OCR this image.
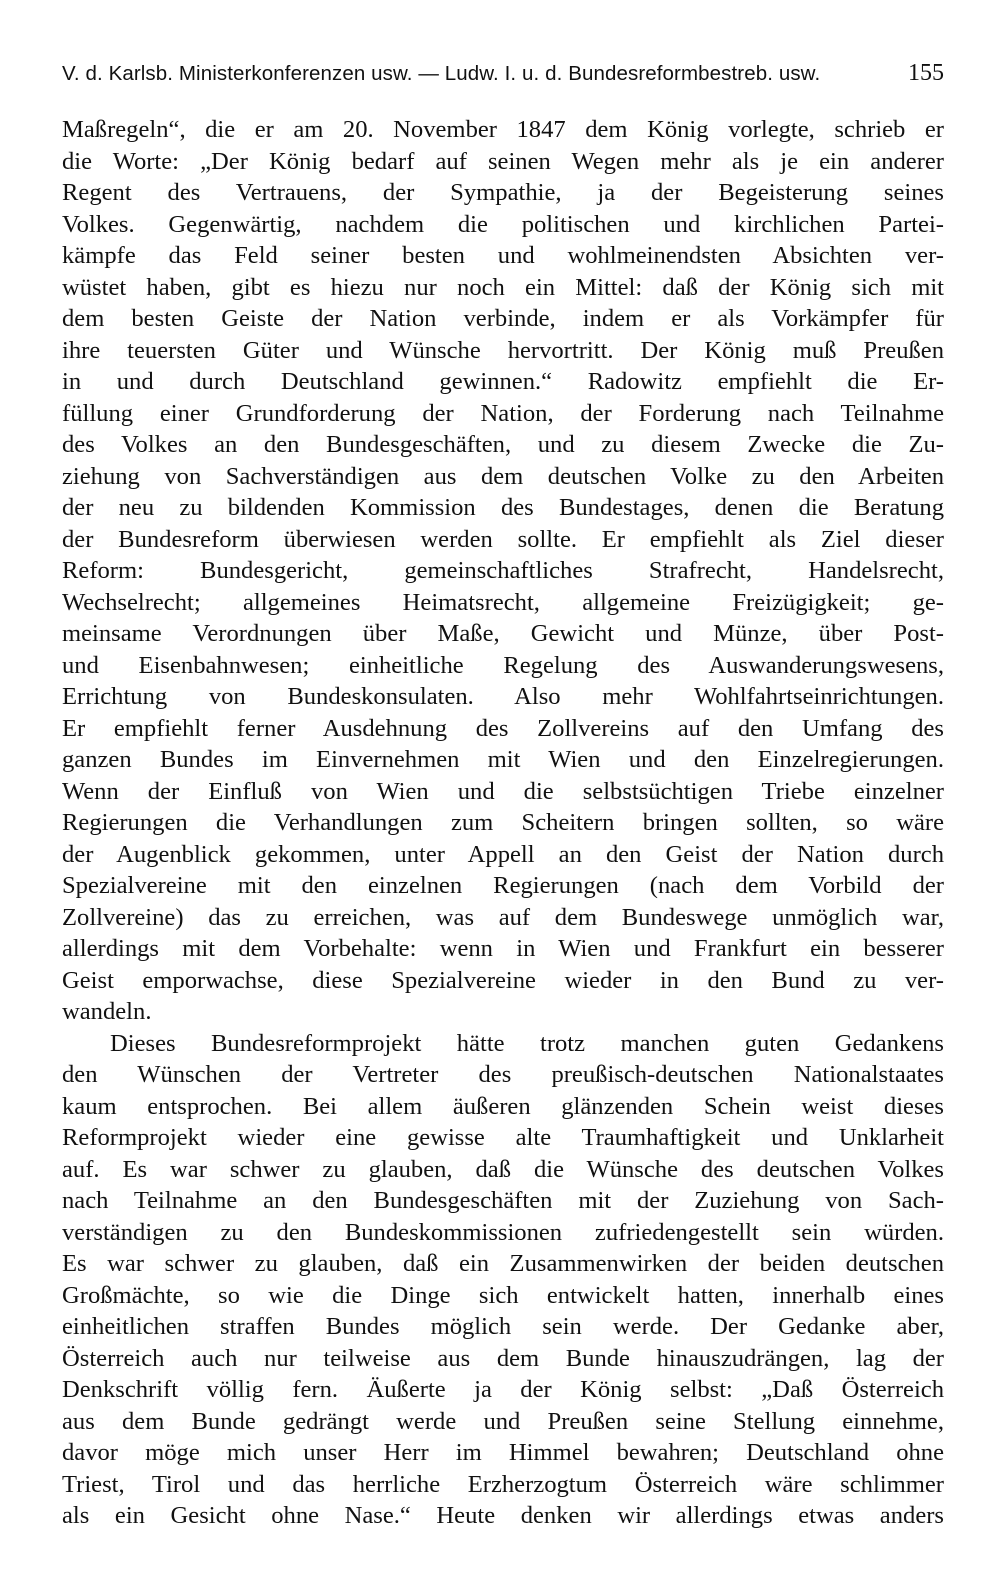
V. d. Karlsb. Ministerkonferenzen usw. — Ludw. I. u. d. Bundesreformbestreb. usw.	155
Maßregeln“, die er am 20. November 1847 dem König vorlegte, schrieb er
die Worte: „Der König bedarf auf seinen Wegen mehr als je ein anderer
Regent des Vertrauens, der Sympathie, ja der Begeisterung seines
Volkes. Gegenwärtig, nachdem die politischen und kirchlichen Partei-
kämpfe das Feld seiner besten und wohlmeinendsten Absichten ver-
wüstet haben, gibt es hiezu nur noch ein Mittel: daß der König sich mit
dem besten Geiste der Nation verbinde, indem er als Vorkämpfer für
ihre teuersten Güter und Wünsche hervortritt. Der König muß Preußen
in und durch Deutschland gewinnen.“ Radowitz empfiehlt die Er-
füllung einer Grundforderung der Nation, der Forderung nach Teilnahme
des Volkes an den Bundesgeschäften, und zu diesem Zwecke die Zu-
ziehung von Sachverständigen aus dem deutschen Volke zu den Arbeiten
der neu zu bildenden Kommission des Bundestages, denen die Beratung
der Bundesreform überwiesen werden sollte. Er empfiehlt als Ziel dieser
Reform: Bundesgericht, gemeinschaftliches Strafrecht, Handelsrecht,
Wechselrecht; allgemeines Heimatsrecht, allgemeine Freizügigkeit; ge-
meinsame Verordnungen über Maße, Gewicht und Münze, über Post-
und Eisenbahnwesen; einheitliche Regelung des Auswanderungswesens,
Errichtung von Bundeskonsulaten. Also mehr Wohlfahrtseinrichtungen.
Er empfiehlt ferner Ausdehnung des Zollvereins auf den Umfang des
ganzen Bundes im Einvernehmen mit Wien und den Einzelregierungen.
Wenn der Einfluß von Wien und die selbstsüchtigen Triebe einzelner
Regierungen die Verhandlungen zum Scheitern bringen sollten, so wäre
der Augenblick gekommen, unter Appell an den Geist der Nation durch
Spezialvereine mit den einzelnen Regierungen (nach dem Vorbild der
Zollvereine) das zu erreichen, was auf dem Bundeswege unmöglich war,
allerdings mit dem Vorbehalte: wenn in Wien und Frankfurt ein besserer
Geist emporwachse, diese Spezialvereine wieder in den Bund zu ver-
wandeln.
Dieses Bundesreformprojekt hätte trotz manchen guten Gedankens
den Wünschen der Vertreter des preußisch-deutschen Nationalstaates
kaum entsprochen. Bei allem äußeren glänzenden Schein weist dieses
Reformprojekt wieder eine gewisse alte Traumhaftigkeit und Unklarheit
auf. Es war schwer zu glauben, daß die Wünsche des deutschen Volkes
nach Teilnahme an den Bundesgeschäften mit der Zuziehung von Sach-
verständigen zu den Bundeskommissionen zufriedengestellt sein würden.
Es war schwer zu glauben, daß ein Zusammenwirken der beiden deutschen
Großmächte, so wie die Dinge sich entwickelt hatten, innerhalb eines
einheitlichen straffen Bundes möglich sein werde. Der Gedanke aber,
Österreich auch nur teilweise aus dem Bunde hinauszudrängen, lag der
Denkschrift völlig fern. Äußerte ja der König selbst: „Daß Österreich
aus dem Bunde gedrängt werde und Preußen seine Stellung einnehme,
davor möge mich unser Herr im Himmel bewahren; Deutschland ohne
Triest, Tirol und das herrliche Erzherzogtum Österreich wäre schlimmer
als ein Gesicht ohne Nase.“ Heute denken wir allerdings etwas anders
